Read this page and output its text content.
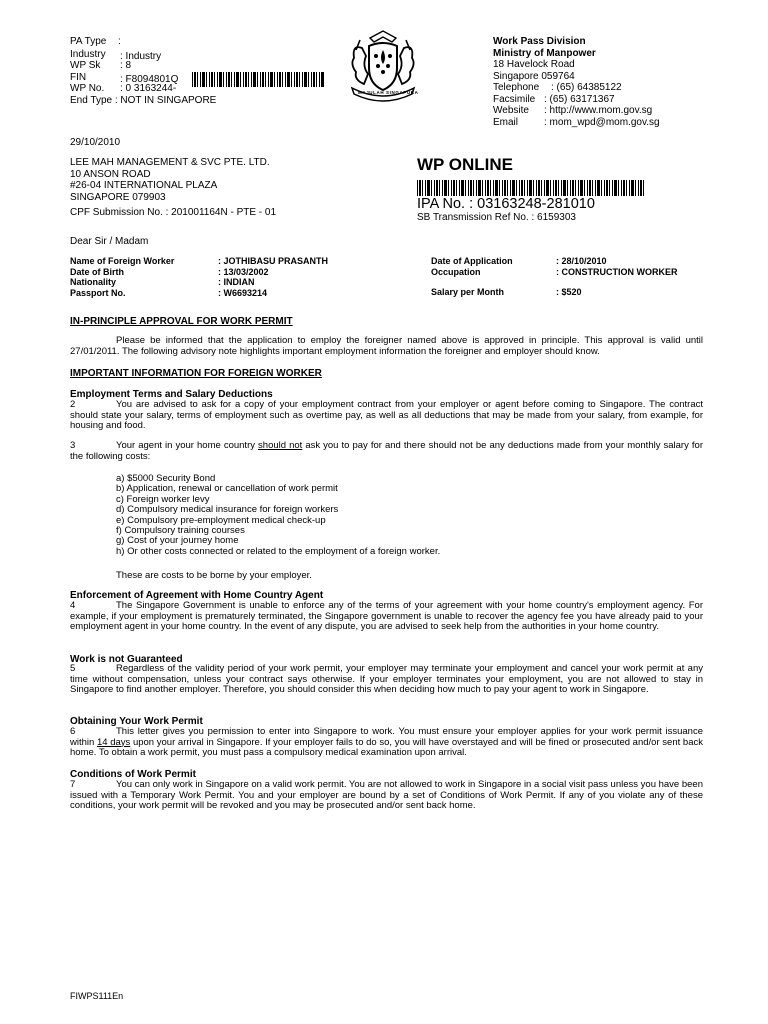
PA Type	:
Industry	: Industry
WP Sk	: 8
FIN	: F8094801Q
WP No.	: 0 3163244-
End Type : NOT IN SINGAPORE
MAJULAH SINGAPURA
Work Pass Division
Ministry of Manpower
18 Havelock Road
Singapore 059764
Telephone	: (65) 64385122
Facsimile : (65) 63171367
Website	: http://www.mom.gov.sg
Email	: mom_wpd@mom.gov.sg
29/10/2010
LEE MAH MANAGEMENT & SVC PTE. LTD.
10 ANSON ROAD
#26-04 INTERNATIONAL PLAZA
SINGAPORE 079903
CPF Submission No. : 201001164N - PTE - 01
WP ONLINE
IPA No. : 03163248-281010
SB Transmission Ref No. : 6159303
Dear Sir / Madam
Name of Foreign Worker	: JOTHIBASU PRASANTH
Date of Birth	: 13/03/2002
Nationality	: INDIAN
Passport No.	: W6693214
Date of Application	: 28/10/2010
Occupation	: CONSTRUCTION WORKER
Salary per Month	: $520
IN-PRINCIPLE APPROVAL FOR WORK PERMIT
Please be informed that the application to employ the foreigner named above is approved in principle. This approval is valid until 27/01/2011. The following advisory note highlights important employment information the foreigner and employer should know.
IMPORTANT INFORMATION FOR FOREIGN WORKER
Employment Terms and Salary Deductions
2	You are advised to ask for a copy of your employment contract from your employer or agent before coming to Singapore. The contract should state your salary, terms of employment such as overtime pay, as well as all deductions that may be made from your salary, from example, for housing and food.
3	Your agent in your home country should not ask you to pay for and there should not be any deductions made from your monthly salary for the following costs:
a) $5000 Security Bond
b) Application, renewal or cancellation of work permit
c) Foreign worker levy
d) Compulsory medical insurance for foreign workers
e) Compulsory pre-employment medical check-up
f) Compulsory training courses
g) Cost of your journey home
h) Or other costs connected or related to the employment of a foreign worker.
These are costs to be borne by your employer.
Enforcement of Agreement with Home Country Agent
4	The Singapore Government is unable to enforce any of the terms of your agreement with your home country's employment agency. For example, if your employment is prematurely terminated, the Singapore government is unable to recover the agency fee you have already paid to your employment agent in your home country. In the event of any dispute, you are advised to seek help from the authorities in your home country.
Work is not Guaranteed
5	Regardless of the validity period of your work permit, your employer may terminate your employment and cancel your work permit at any time without compensation, unless your contract says otherwise. If your employer terminates your employment, you are not allowed to stay in Singapore to find another employer. Therefore, you should consider this when deciding how much to pay your agent to work in Singapore.
Obtaining Your Work Permit
6	This letter gives you permission to enter into Singapore to work. You must ensure your employer applies for your work permit issuance within 14 days upon your arrival in Singapore. If your employer fails to do so, you will have overstayed and will be fined or prosecuted and/or sent back home. To obtain a work permit, you must pass a compulsory medical examination upon arrival.
Conditions of Work Permit
7	You can only work in Singapore on a valid work permit. You are not allowed to work in Singapore in a social visit pass unless you have been issued with a Temporary Work Permit. You and your employer are bound by a set of Conditions of Work Permit. If any of you violate any of these conditions, your work permit will be revoked and you may be prosecuted and/or sent back home.
FIWPS111En
